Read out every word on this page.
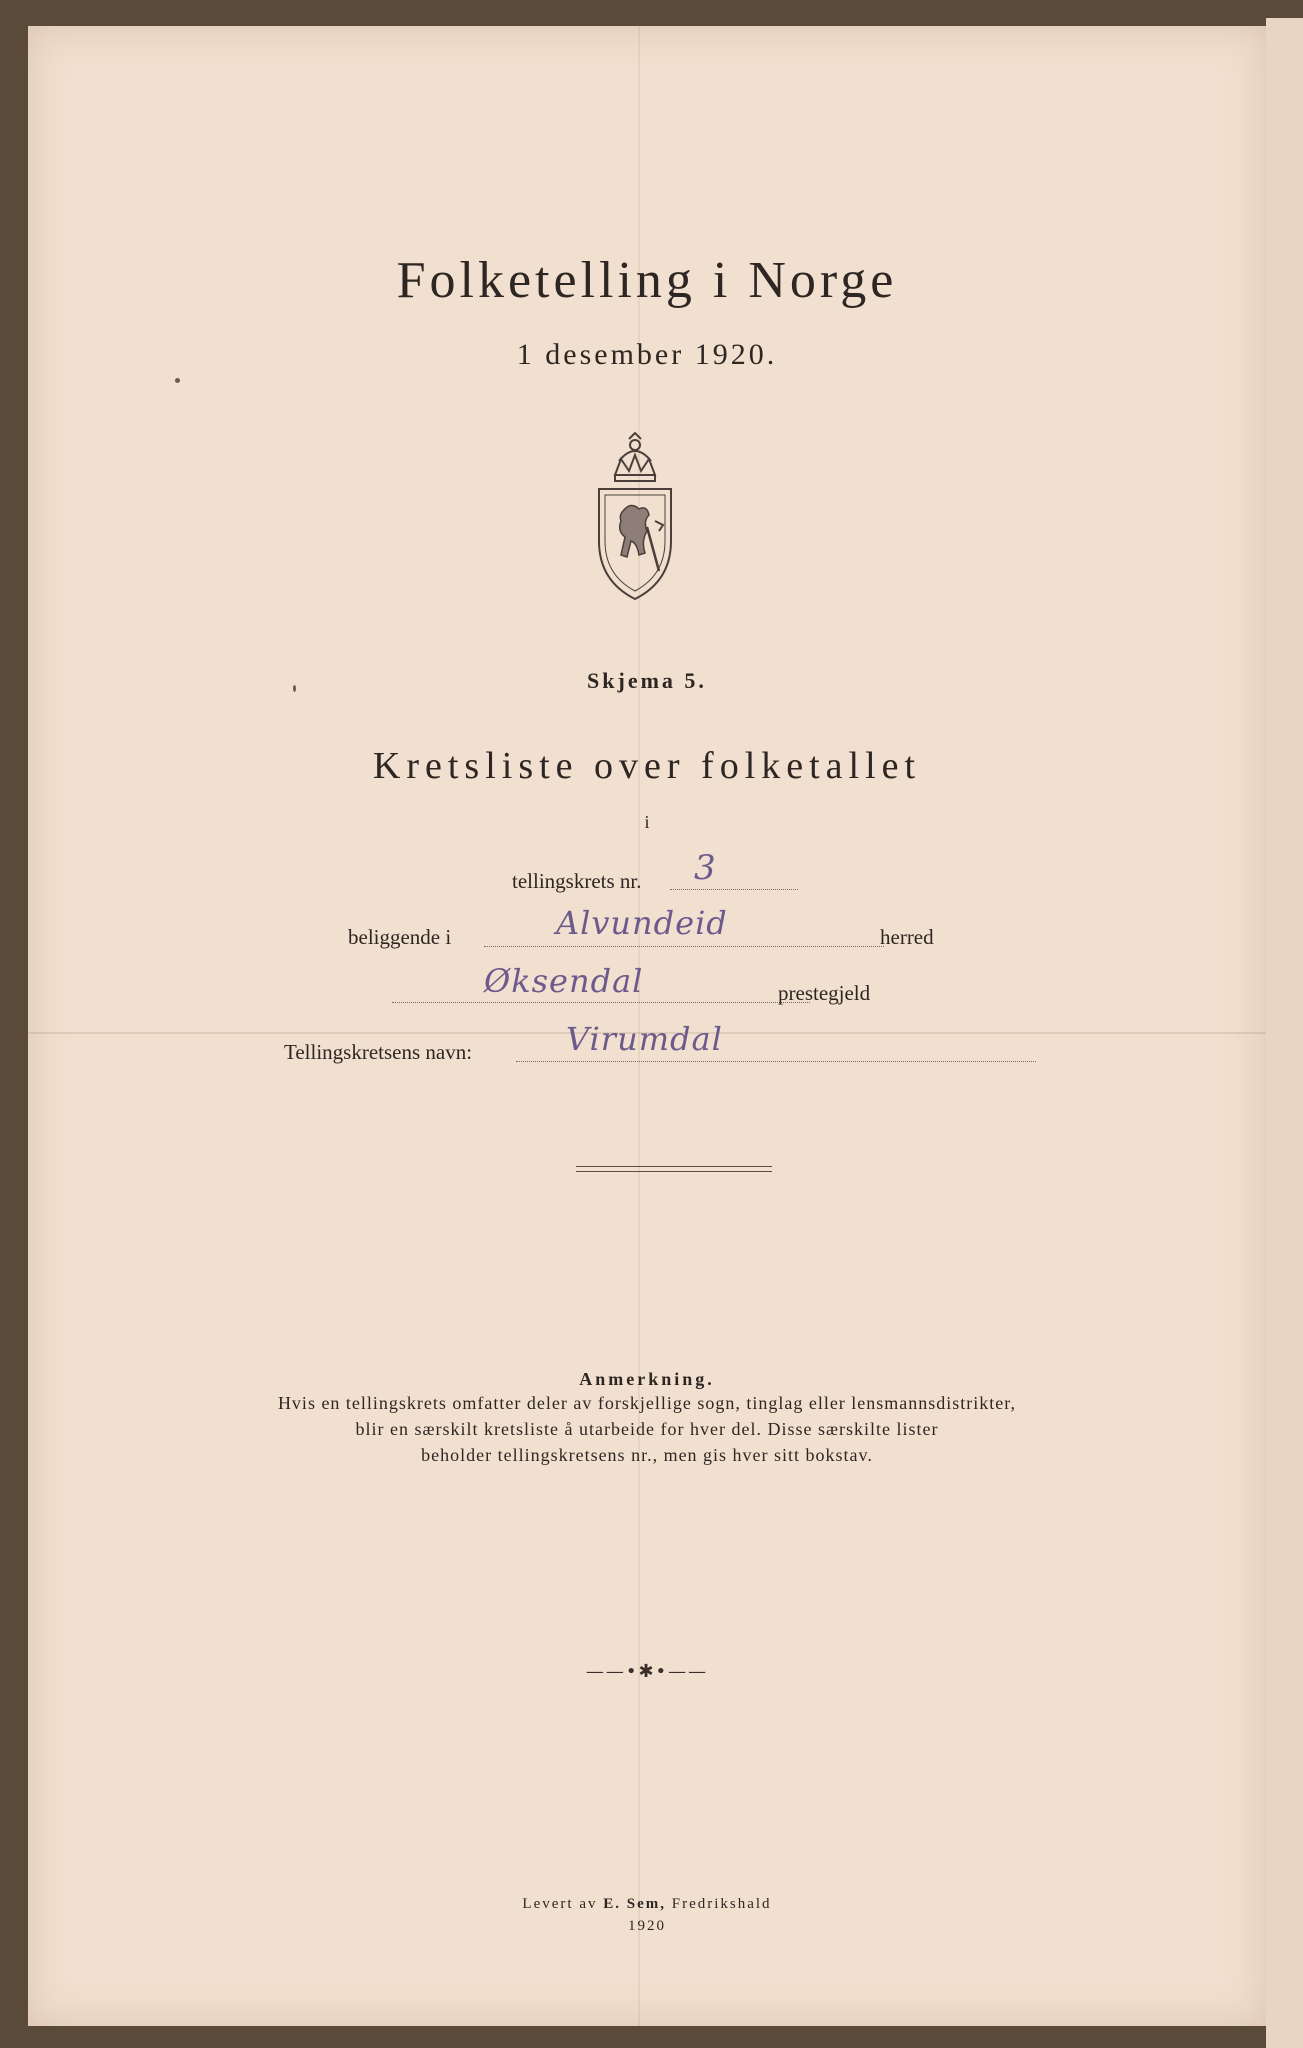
Folketelling i Norge
1 desember 1920.
Skjema 5.
Kretsliste over folketallet
i
tellingskrets nr. 3
beliggende i	Alvundeid	herred
Øksendal	prestegjeld
Tellingskretsens navn:	Virumdal
Anmerkning.
Hvis en tellingskrets omfatter deler av forskjellige sogn, tinglag eller lensmannsdistrikter,
blir en særskilt kretsliste å utarbeide for hver del. Disse særskilte lister
beholder tellingskretsens nr., men gis hver sitt bokstav.
——•✱•——
Levert av E. Sem, Fredrikshald
1920
